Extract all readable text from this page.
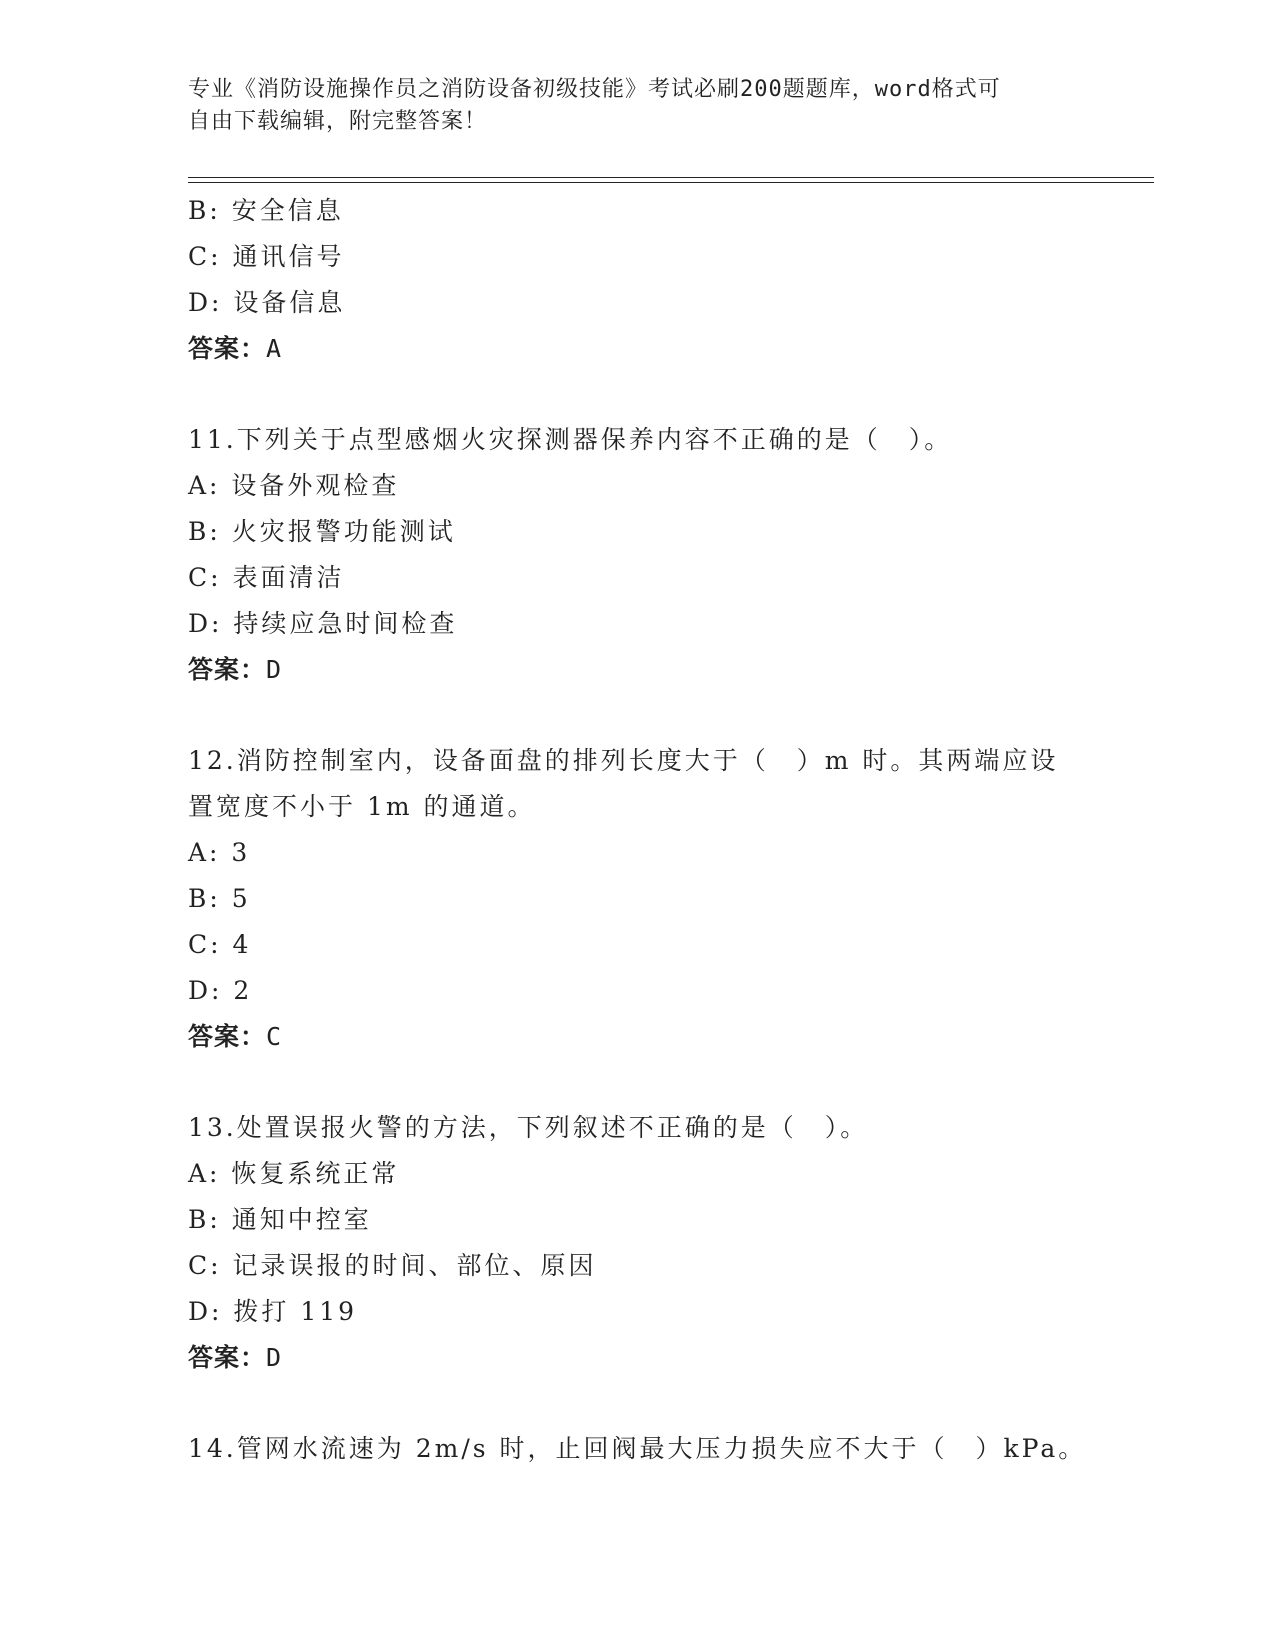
专业《消防设施操作员之消防设备初级技能》考试必刷200题题库，word格式可
自由下载编辑，附完整答案！
B: 安全信息
C: 通讯信号
D: 设备信息
答案：A
11.下列关于点型感烟火灾探测器保养内容不正确的是（　）。
A: 设备外观检查
B: 火灾报警功能测试
C: 表面清洁
D: 持续应急时间检查
答案：D
12.消防控制室内，设备面盘的排列长度大于（　）m 时。其两端应设
置宽度不小于 1m 的通道。
A: 3
B: 5
C: 4
D: 2
答案：C
13.处置误报火警的方法，下列叙述不正确的是（　）。
A: 恢复系统正常
B: 通知中控室
C: 记录误报的时间、部位、原因
D: 拨打 119
答案：D
14.管网水流速为 2m/s 时，止回阀最大压力损失应不大于（　）kPa。
